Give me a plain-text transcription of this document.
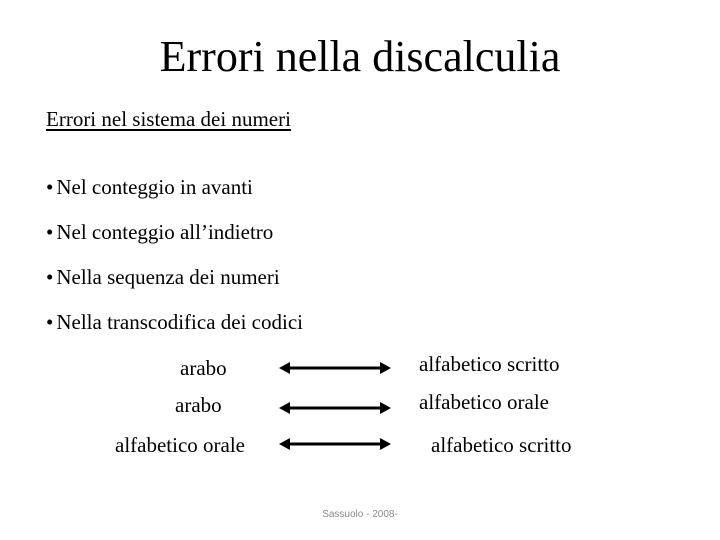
Errori nella discalculia
Errori nel sistema dei numeri
• Nel conteggio in avanti
• Nel conteggio all’indietro
• Nella sequenza dei numeri
• Nella transcodifica dei codici
arabo	alfabetico scritto
arabo	alfabetico orale
alfabetico orale	alfabetico scritto
Sassuolo - 2008-
